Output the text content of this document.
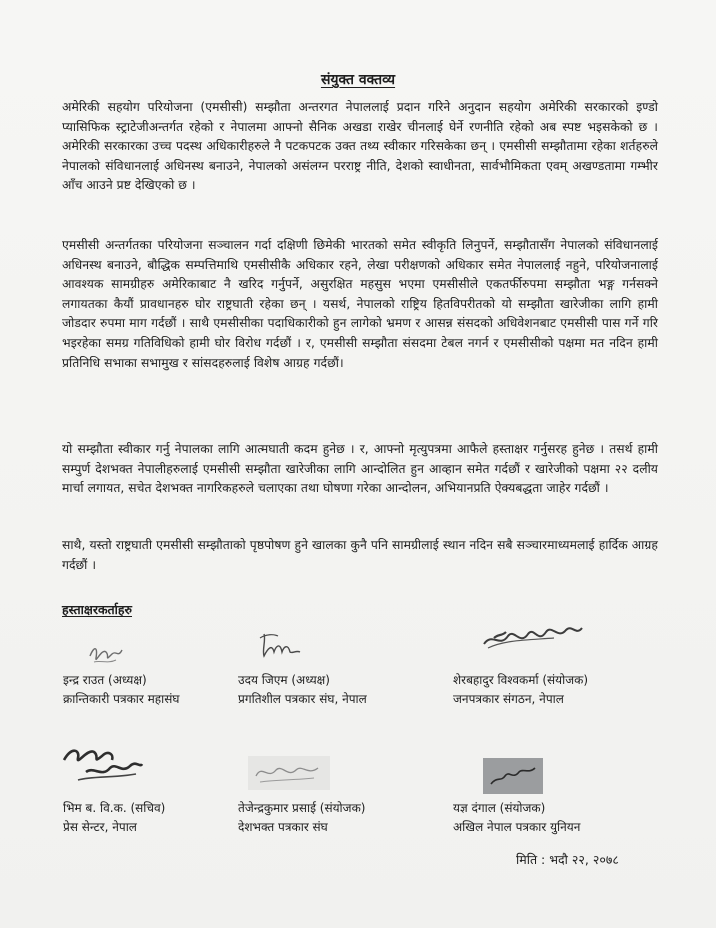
संयुक्त वक्तव्य
अमेरिकी सहयोग परियोजना (एमसीसी) सम्झौता अन्तरगत नेपाललाई प्रदान गरिने अनुदान सहयोग अमेरिकी सरकारको इण्डो प्यासिफिक स्ट्राटेजीअन्तर्गत रहेको र नेपालमा आफ्नो सैनिक अखडा राखेर चीनलाई घेर्ने रणनीति रहेको अब स्पष्ट भइसकेको छ । अमेरिकी सरकारका उच्च पदस्थ अधिकारीहरुले नै पटकपटक उक्त तथ्य स्वीकार गरिसकेका छन् । एमसीसी सम्झौतामा रहेका शर्तहरुले नेपालको संविधानलाई अधिनस्थ बनाउने, नेपालको असंलग्न परराष्ट्र नीति, देशको स्वाधीनता, सार्वभौमिकता एवम् अखण्डतामा गम्भीर आँच आउने प्रष्ट देखिएको छ ।
एमसीसी अन्तर्गतका परियोजना सञ्चालन गर्दा दक्षिणी छिमेकी भारतको समेत स्वीकृति लिनुपर्ने, सम्झौतासँग नेपालको संविधानलाई अधिनस्थ बनाउने, बौद्धिक सम्पत्तिमाथि एमसीसीकै अधिकार रहने, लेखा परीक्षणको अधिकार समेत नेपाललाई नहुने, परियोजनालाई आवश्यक सामग्रीहरु अमेरिकाबाट नै खरिद गर्नुपर्ने, असुरक्षित महसुस भएमा एमसीसीले एकतर्फीरुपमा सम्झौता भङ्ग गर्नसक्ने लगायतका कैयौं प्रावधानहरु घोर राष्ट्रघाती रहेका छन् । यसर्थ, नेपालको राष्ट्रिय हितविपरीतको यो सम्झौता खारेजीका लागि हामी जोडदार रुपमा माग गर्दछौं । साथै एमसीसीका पदाधिकारीको हुन लागेको भ्रमण र आसन्न संसदको अधिवेशनबाट एमसीसी पास गर्ने गरि भइरहेका समग्र गतिविधिको हामी घोर विरोध गर्दछौं । र, एमसीसी सम्झौता संसदमा टेबल नगर्न र एमसीसीको पक्षमा मत नदिन हामी प्रतिनिधि सभाका सभामुख र सांसदहरुलाई विशेष आग्रह गर्दछौं।
यो सम्झौता स्वीकार गर्नु नेपालका लागि आत्मघाती कदम हुनेछ । र, आफ्नो मृत्युपत्रमा आफैले हस्ताक्षर गर्नुसरह हुनेछ । तसर्थ हामी सम्पुर्ण देशभक्त नेपालीहरुलाई एमसीसी सम्झौता खारेजीका लागि आन्दोलित हुन आव्हान समेत गर्दछौं र खारेजीको पक्षमा २२ दलीय मार्चा लगायत, सचेत देशभक्त नागरिकहरुले चलाएका तथा घोषणा गरेका आन्दोलन, अभियानप्रति ऐक्यबद्धता जाहेर गर्दछौं ।
साथै, यस्तो राष्ट्रघाती एमसीसी सम्झौताको पृष्ठपोषण हुने खालका कुनै पनि सामग्रीलाई स्थान नदिन सबै सञ्चारमाध्यमलाई हार्दिक आग्रह गर्दछौं ।
हस्ताक्षरकर्ताहरु
इन्द्र राउत (अध्यक्ष)
क्रान्तिकारी पत्रकार महासंघ
उदय जिएम (अध्यक्ष)
प्रगतिशील पत्रकार संघ, नेपाल
शेरबहादुर विश्वकर्मा (संयोजक)
जनपत्रकार संगठन, नेपाल
भिम ब. वि.क. (सचिव)
प्रेस सेन्टर, नेपाल
तेजेन्द्रकुमार प्रसाई (संयोजक)
देशभक्त पत्रकार संघ
यज्ञ दंगाल (संयोजक)
अखिल नेपाल पत्रकार युनियन
मिति : भदौ २२, २०७८
